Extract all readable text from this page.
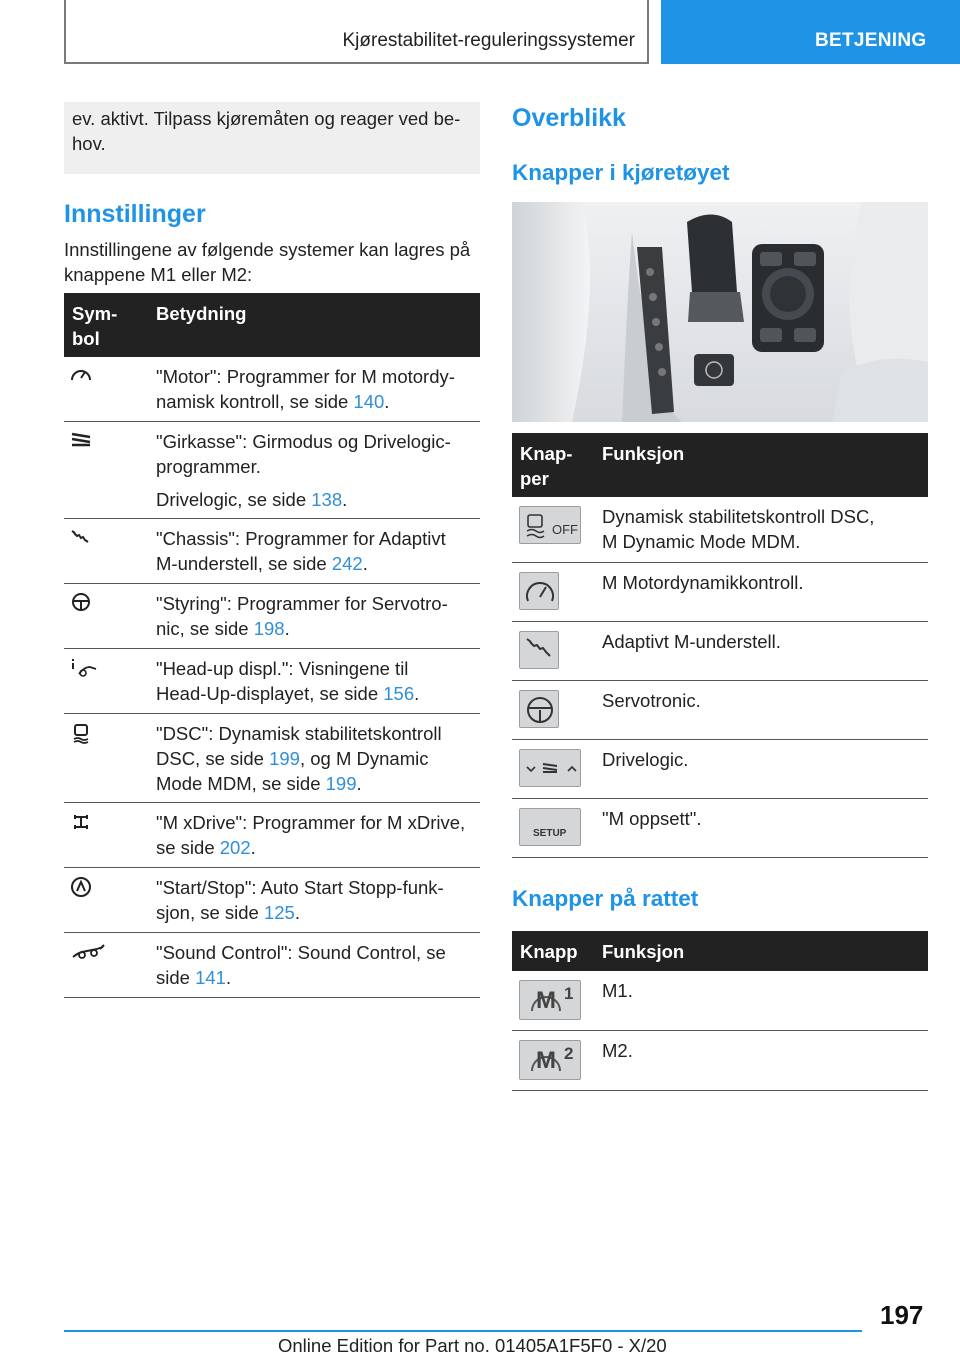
Kjørestabilitet-reguleringssystemer	BETJENING
ev. aktivt. Tilpass kjøremåten og reager ved be-
hov.
Innstillinger
Innstillingene av følgende systemer kan lagres på
knappene M1 eller M2:
Sym-
bol
Betydning
"Motor": Programmer for M motordy-
namisk kontroll, se side 140.
"Girkasse": Girmodus og Drivelogic-
programmer.
Drivelogic, se side 138.
"Chassis": Programmer for Adaptivt
M-understell, se side 242.
"Styring": Programmer for Servotro-
nic, se side 198.
"Head-up displ.": Visningene til
Head-Up-displayet, se side 156.
"DSC": Dynamisk stabilitetskontroll
DSC, se side 199, og M Dynamic
Mode MDM, se side 199.
"M xDrive": Programmer for M xDrive,
se side 202.
"Start/Stop": Auto Start Stopp-funk-
sjon, se side 125.
"Sound Control": Sound Control, se
side 141.
Overblikk
Knapper i kjøretøyet
Knap-
per
Funksjon
OFF
Dynamisk stabilitetskontroll DSC,
M Dynamic Mode MDM.
M Motordynamikkontroll.
Adaptivt M-understell.
Servotronic.
Drivelogic.
SETUP
"M oppsett".
Knapper på rattet
Knapp Funksjon
M 1 M1.
M 2 M2.
197
Online Edition for Part no. 01405A1F5F0 - X/20
